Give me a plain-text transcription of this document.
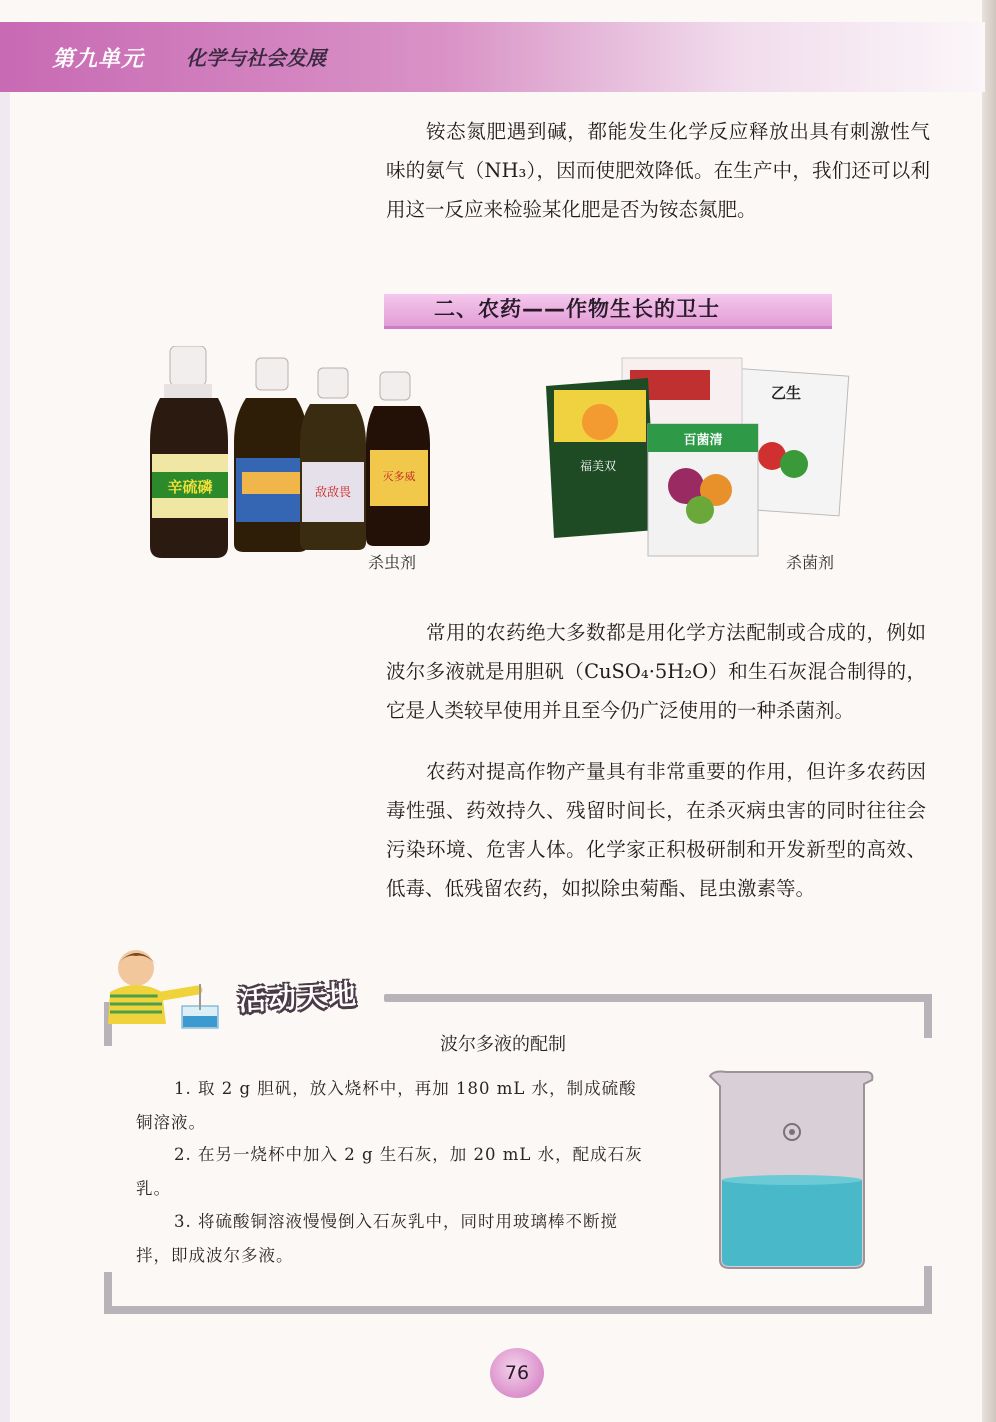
第九单元 化学与社会发展

铵态氮肥遇到碱，都能发生化学反应释放出具有刺激性气味的氨气（NH₃），因而使肥效降低。在生产中，我们还可以利用这一反应来检验某化肥是否为铵态氮肥。

二、农药——作物生长的卫士
辛硫磷	敌敌畏
灭多威
杀虫剂
乙生
福美双
百菌清
杀菌剂

常用的农药绝大多数都是用化学方法配制或合成的，例如波尔多液就是用胆矾（CuSO₄·5H₂O）和生石灰混合制得的，它是人类较早使用并且至今仍广泛使用的一种杀菌剂。

农药对提高作物产量具有非常重要的作用，但许多农药因毒性强、药效持久、残留时间长，在杀灭病虫害的同时往往会污染环境、危害人体。化学家正积极研制和开发新型的高效、低毒、低残留农药，如拟除虫菊酯、昆虫激素等。

活动天地
波尔多液的配制

1. 取 2 g 胆矾，放入烧杯中，再加 180 mL 水，制成硫酸铜溶液。

2. 在另一烧杯中加入 2 g 生石灰，加 20 mL 水，配成石灰乳。

3. 将硫酸铜溶液慢慢倒入石灰乳中，同时用玻璃棒不断搅拌，即成波尔多液。

76
